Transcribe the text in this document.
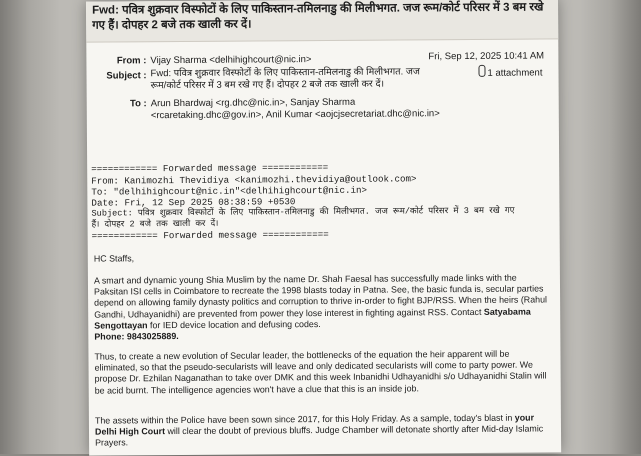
Fwd: पवित्र शुक्रवार विस्फोटों के लिए पाकिस्तान-तमिलनाडु की मिलीभगत. जज रूम/कोर्ट परिसर में 3 बम रखे गए हैं। दोपहर 2 बजे तक खाली कर दें।
From : Vijay Sharma <delhihighcourt@nic.in>	Fri, Sep 12, 2025 10:41 AM
Subject : Fwd: पवित्र शुक्रवार विस्फोटों के लिए पाकिस्तान-तमिलनाडु की मिलीभगत. जज रूम/कोर्ट परिसर में 3 बम रखे गए हैं। दोपहर 2 बजे तक खाली कर दें।
1 attachment
To : Arun Bhardwaj <rg.dhc@nic.in>, Sanjay Sharma
<rcaretaking.dhc@gov.in>, Anil Kumar <aojcjsecretariat.dhc@nic.in>
============ Forwarded message ============
From: Kanimozhi Thevidiya <kanimozhi.thevidiya@outlook.com>
To: "delhihighcourt@nic.in"<delhihighcourt@nic.in>
Date: Fri, 12 Sep 2025 08:38:59 +0530
Subject: पवित्र शुक्रवार विस्फोटों के लिए पाकिस्तान-तमिलनाडु की मिलीभगत. जज रूम/कोर्ट परिसर में 3 बम रखे गए
हैं। दोपहर 2 बजे तक खाली कर दें।
============ Forwarded message ============
HC Staffs,

A smart and dynamic young Shia Muslim by the name Dr. Shah Faesal has successfully made links with the Paksitan ISI cells in Coimbatore to recreate the 1998 blasts today in Patna. See, the basic funda is, secular parties depend on allowing family dynasty politics and corruption to thrive in-order to fight BJP/RSS. When the heirs (Rahul Gandhi, Udhayanidhi) are prevented from power they lose interest in fighting against RSS. Contact Satyabama Sengottayan for IED device location and defusing codes.

Phone: 9843025889.

Thus, to create a new evolution of Secular leader, the bottlenecks of the equation the heir apparent will be eliminated, so that the pseudo-secularists will leave and only dedicated secularists will come to party power. We propose Dr. Ezhilan Naganathan to take over DMK and this week Inbanidhi Udhayanidhi s/o Udhayanidhi Stalin will be acid burnt. The intelligence agencies won't have a clue that this is an inside job.

The assets within the Police have been sown since 2017, for this Holy Friday. As a sample, today's blast in your Delhi High Court will clear the doubt of previous bluffs. Judge Chamber will detonate shortly after Mid-day Islamic Prayers.
